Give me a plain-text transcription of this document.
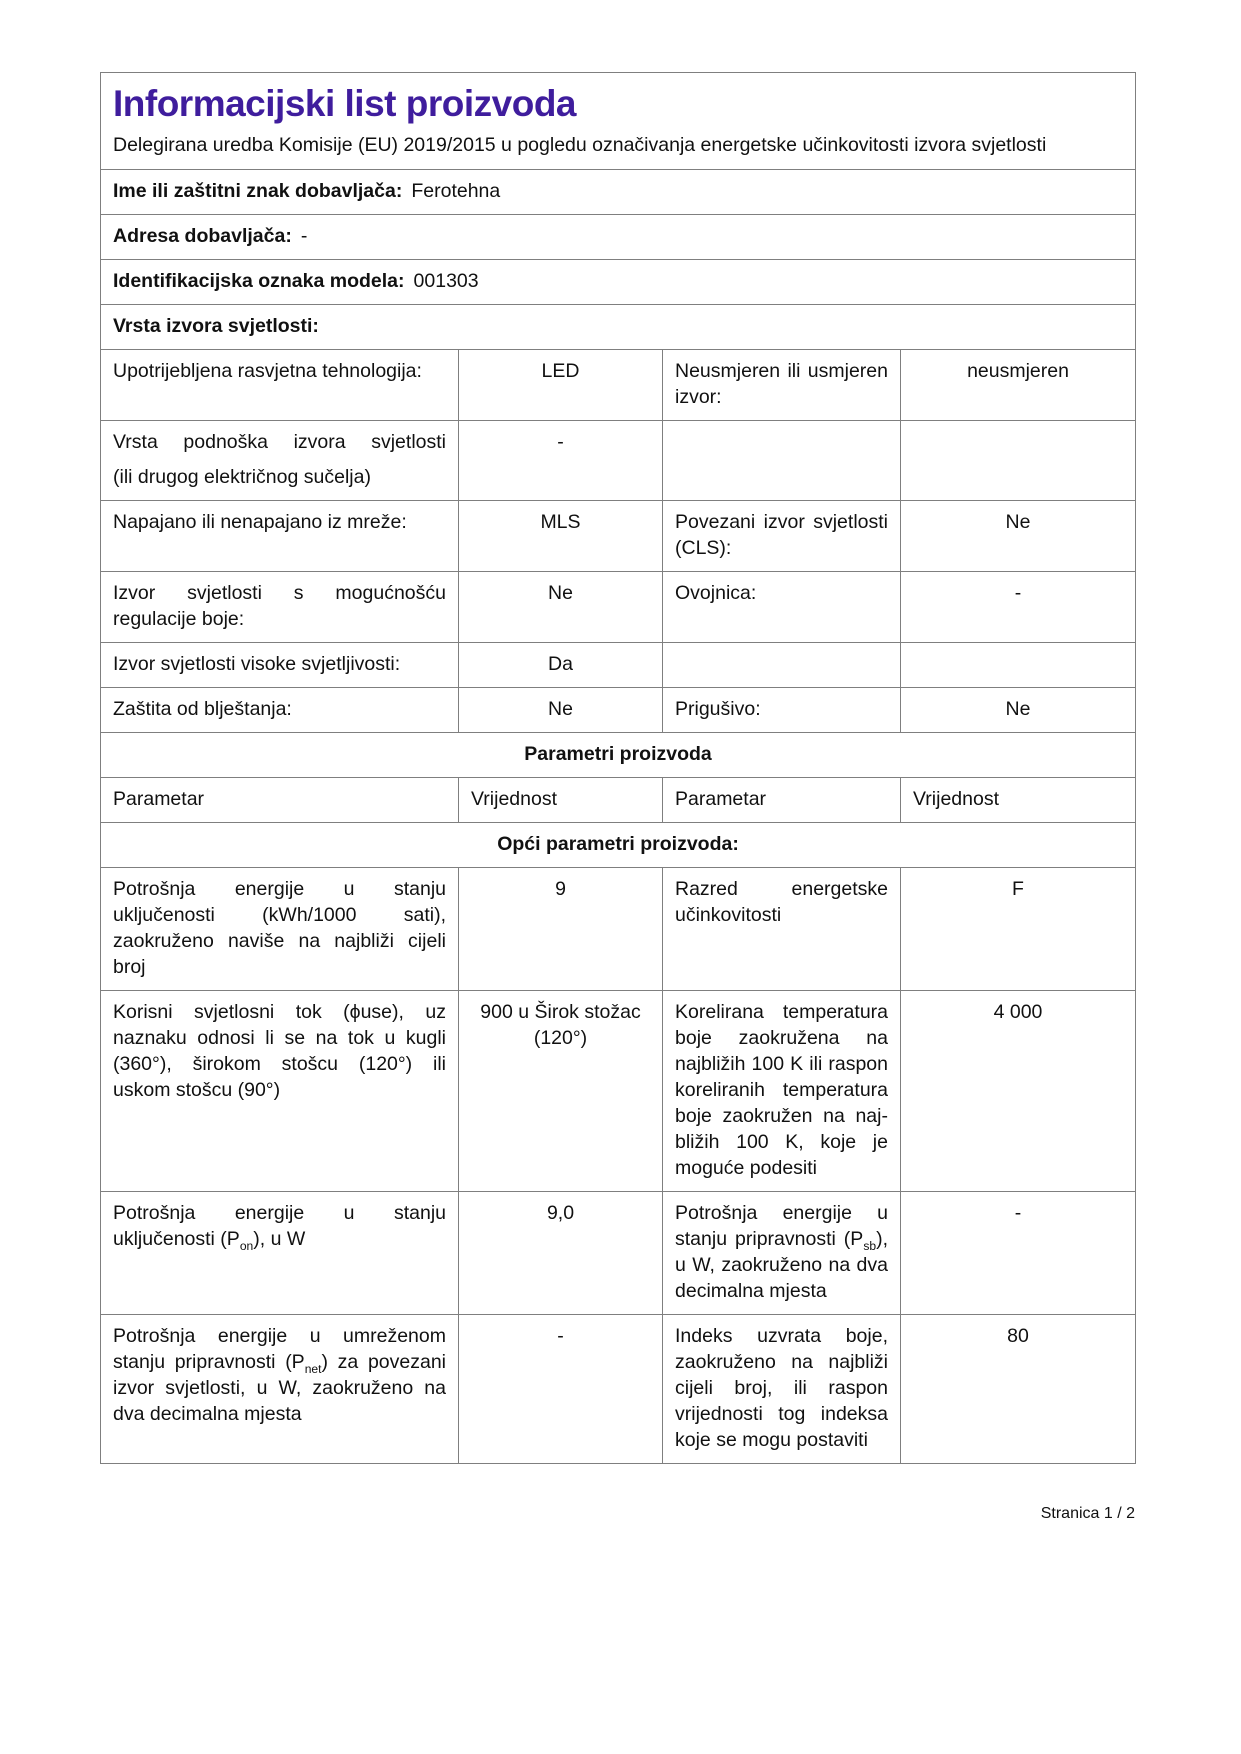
Informacijski list proizvoda

Delegirana uredba Komisije (EU) 2019/2015 u pogledu označivanja energetske učinkovitosti izvora svjetlosti

Ime ili zaštitni znak dobavljača: Ferotehna			
Adresa dobavljača: -			
Identifikacijska oznaka modela: 001303			
Vrsta izvora svjetlosti:			
Upotrijebljena rasvjetna tehnologija:	LED	Neusmjeren ili usmjeren izvor:	neusmjeren
Vrsta podnoška izvora svjetlosti (ili drugog električnog sučelja)	-		
Napajano ili nenapajano iz mreže:	MLS	Povezani izvor svjetlosti (CLS):	Ne
Izvor svjetlosti s mogućnošću regulacije boje:	Ne	Ovojnica:	-
Izvor svjetlosti visoke svjetljivosti:	Da		
Zaštita od blještanja:	Ne	Prigušivo:	Ne
Parametri proizvoda			
Parametar	Vrijednost	Parametar	Vrijednost
Opći parametri proizvoda:			
Potrošnja energije u stanju uključenosti (kWh/1000 sati), zaokruženo naviše na najbliži cijeli broj	9	Razred energetske učinkovitosti	F
Korisni svjetlosni tok (ϕuse), uz naznaku odnosi li se na tok u kugli (360°), širokom stošcu (120°) ili uskom stošcu (90°)	900 u Širok stožac (120°)	Korelirana temperatura boje zaokružena na najbližih 100 K ili raspon koreliranih temperatura boje zaokružen na najbližih 100 K, koje je moguće podesiti	4 000
Potrošnja energije u stanju uključenosti $(P_{on})$, u W	9,0	Potrošnja energije u stanju pripravnosti $(P_{sb})$, u W, zaokruženo na dva decimalna mjesta	-
Potrošnja energije u umreženom stanju pripravnosti $(P_{net})$ za povezani izvor svjetlosti, u W, zaokruženo na dva decimalna mjesta	-	Indeks uzvrata boje, zaokruženo na najbliži cijeli broj, ili raspon vrijednosti tog indeksa koje se mogu postaviti	80
Stranica 1 / 2
